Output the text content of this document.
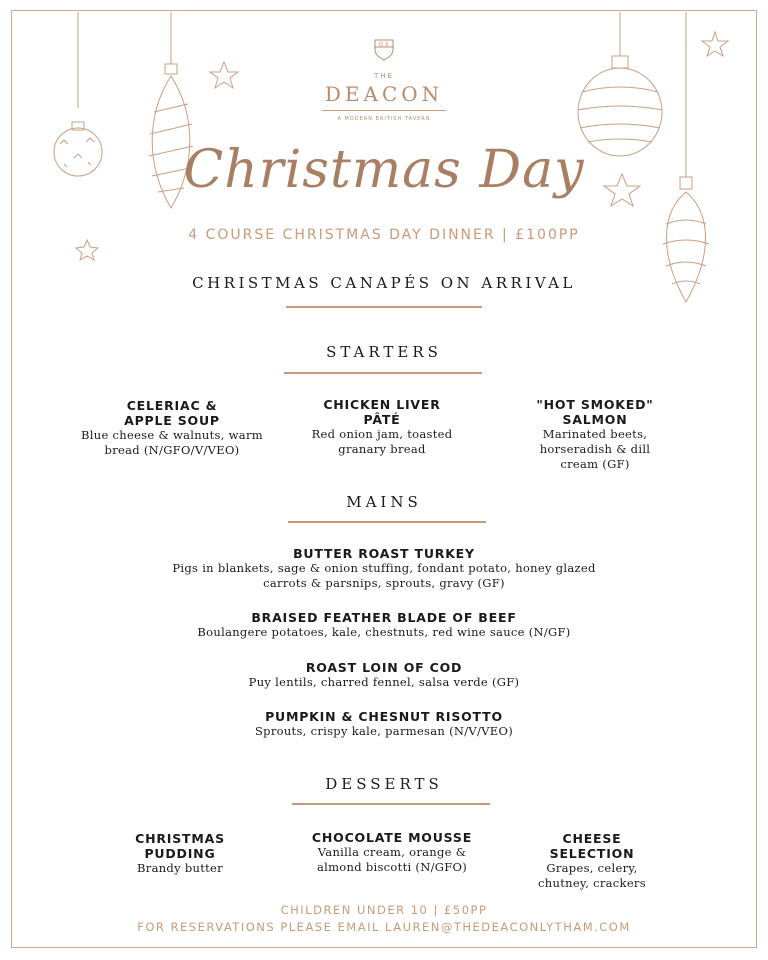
D X
THE
DEACON
A MODERN BRITISH TAVERN
Christmas Day
4 COURSE CHRISTMAS DAY DINNER | £100PP
CHRISTMAS CANAPÉS ON ARRIVAL
STARTERS
CELERIAC &
APPLE SOUP
Blue cheese & walnuts, warm
bread (N/GFO/V/VEO)
CHICKEN LIVER
PÂTÉ
Red onion jam, toasted
granary bread
"HOT SMOKED"
SALMON
Marinated beets,
horseradish & dill
cream (GF)
MAINS
BUTTER ROAST TURKEY
Pigs in blankets, sage & onion stuffing, fondant potato, honey glazed
carrots & parsnips, sprouts, gravy (GF)
BRAISED FEATHER BLADE OF BEEF
Boulangere potatoes, kale, chestnuts, red wine sauce (N/GF)
ROAST LOIN OF COD
Puy lentils, charred fennel, salsa verde (GF)
PUMPKIN & CHESNUT RISOTTO
Sprouts, crispy kale, parmesan (N/V/VEO)
DESSERTS
CHRISTMAS
PUDDING
Brandy butter
CHOCOLATE MOUSSE
Vanilla cream, orange &
almond biscotti (N/GFO)
CHEESE
SELECTION
Grapes, celery,
chutney, crackers
CHILDREN UNDER 10 | £50PP
FOR RESERVATIONS PLEASE EMAIL LAUREN@THEDEACONLYTHAM.COM
